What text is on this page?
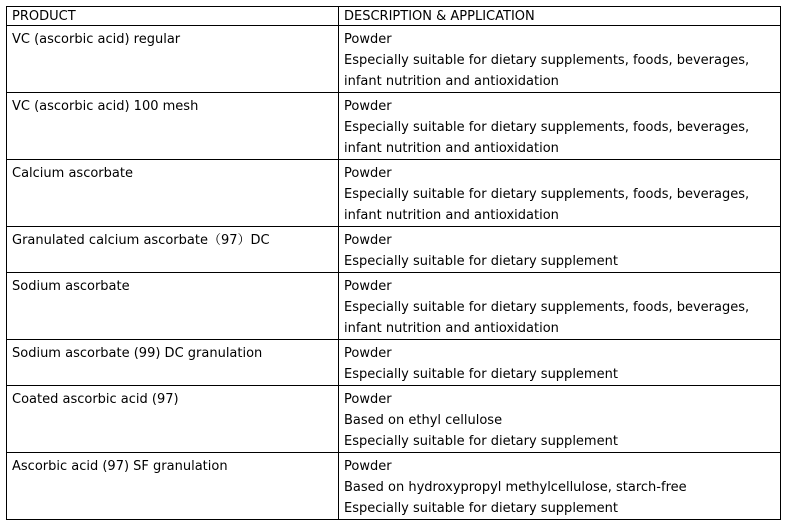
PRODUCT	DESCRIPTION & APPLICATION
VC (ascorbic acid) regular	Powder
Especially suitable for dietary supplements, foods, beverages, infant nutrition and antioxidation

VC (ascorbic acid) 100 mesh	Powder
Especially suitable for dietary supplements, foods, beverages, infant nutrition and antioxidation

Calcium ascorbate	Powder
Especially suitable for dietary supplements, foods, beverages, infant nutrition and antioxidation

Granulated calcium ascorbate（97）DC	Powder
Especially suitable for dietary supplement

Sodium ascorbate	Powder
Especially suitable for dietary supplements, foods, beverages, infant nutrition and antioxidation

Sodium ascorbate (99) DC granulation	Powder
Especially suitable for dietary supplement

Coated ascorbic acid (97)	Powder
Based on ethyl cellulose
Especially suitable for dietary supplement

Ascorbic acid (97) SF granulation	Powder
Based on hydroxypropyl methylcellulose, starch-free
Especially suitable for dietary supplement
